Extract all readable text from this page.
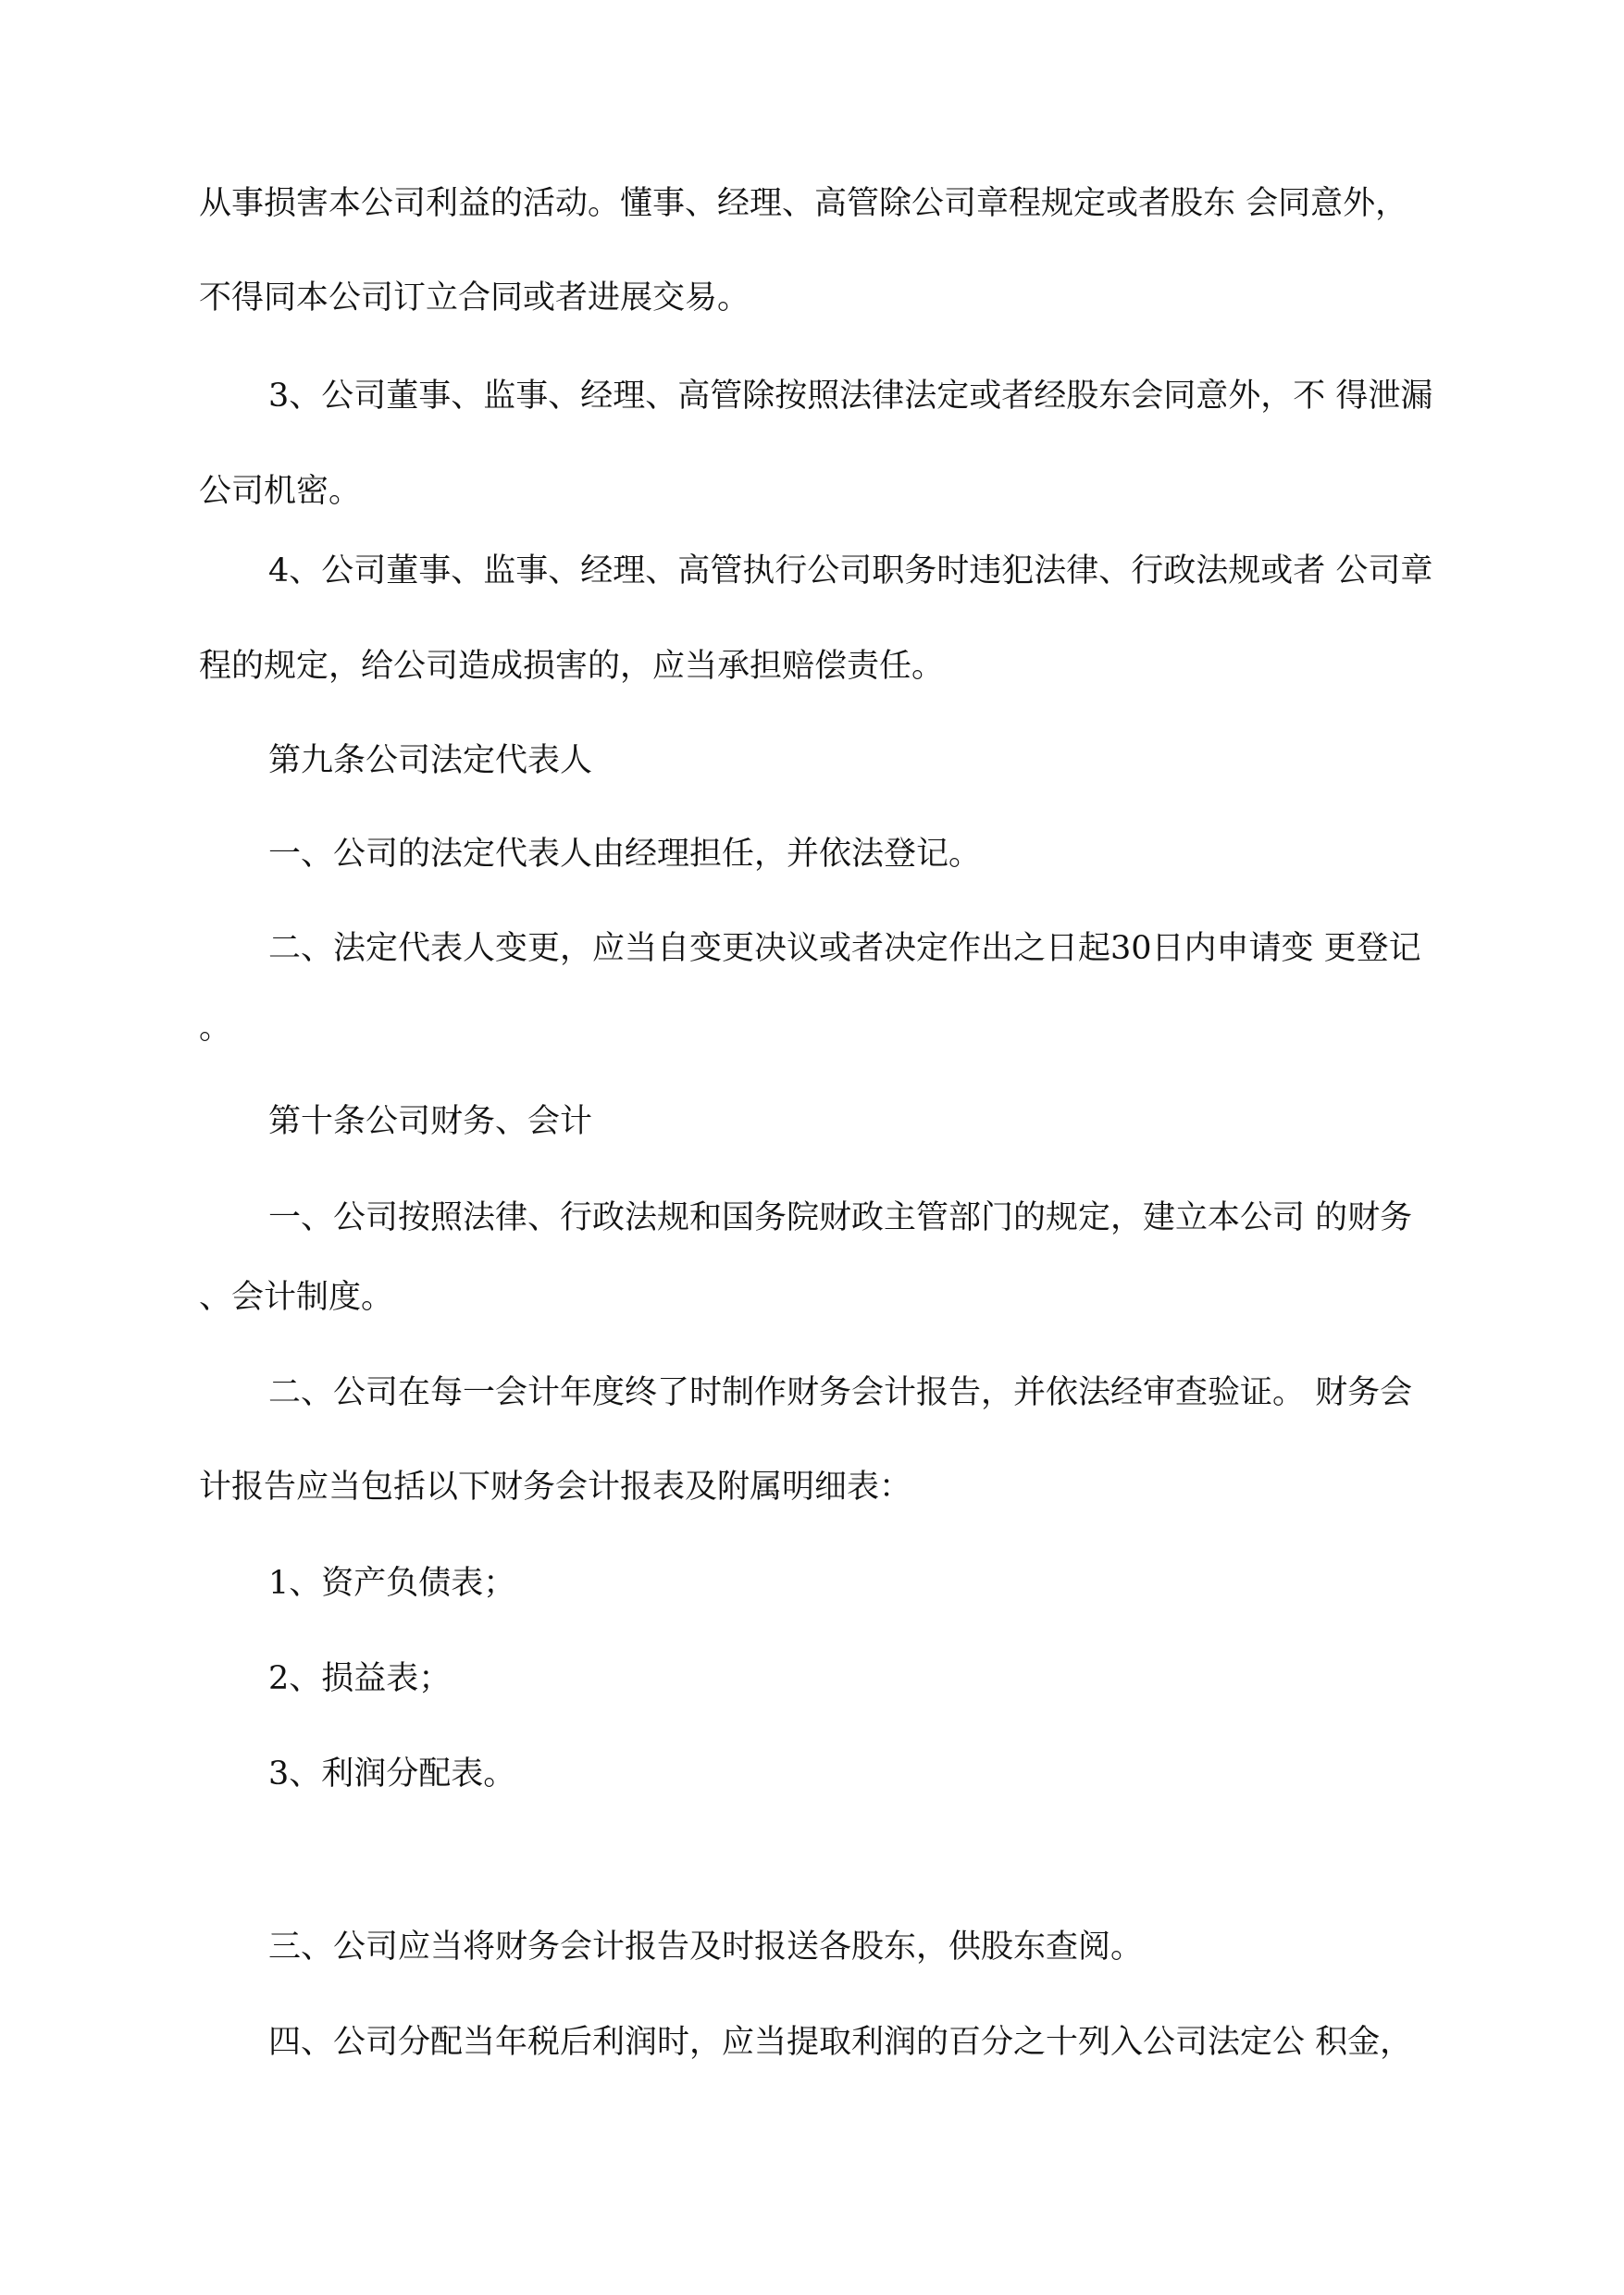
从事损害本公司利益的活动。懂事、经理、高管除公司章程规定或者股东 会同意外，

不得同本公司订立合同或者进展交易。

3、公司董事、监事、经理、高管除按照法律法定或者经股东会同意外，不 得泄漏

公司机密。

4、公司董事、监事、经理、高管执行公司职务时违犯法律、行政法规或者 公司章

程的规定，给公司造成损害的，应当承担赔偿责任。

第九条公司法定代表人

一、公司的法定代表人由经理担任，并依法登记。

二、法定代表人变更，应当自变更决议或者决定作出之日起30日内申请变 更登记

。

第十条公司财务、会计

一、公司按照法律、行政法规和国务院财政主管部门的规定，建立本公司 的财务

、会计制度。

二、公司在每一会计年度终了时制作财务会计报告，并依法经审查验证。 财务会

计报告应当包括以下财务会计报表及附属明细表：

1、资产负债表；

2、损益表；

3、利润分配表。

三、公司应当将财务会计报告及时报送各股东，供股东查阅。

四、公司分配当年税后利润时，应当提取利润的百分之十列入公司法定公 积金，
